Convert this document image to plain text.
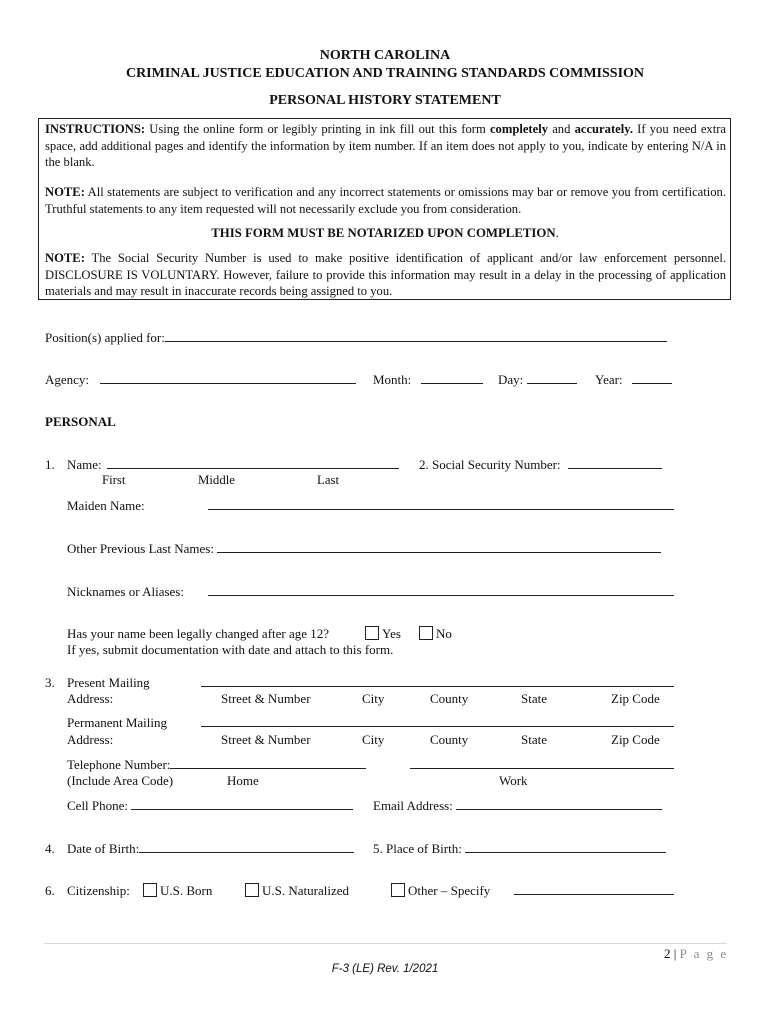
NORTH CAROLINA
CRIMINAL JUSTICE EDUCATION AND TRAINING STANDARDS COMMISSION
PERSONAL HISTORY STATEMENT
INSTRUCTIONS: Using the online form or legibly printing in ink fill out this form completely and accurately. If you need extra space, add additional pages and identify the information by item number. If an item does not apply to you, indicate by entering N/A in the blank.
NOTE: All statements are subject to verification and any incorrect statements or omissions may bar or remove you from certification. Truthful statements to any item requested will not necessarily exclude you from consideration.
THIS FORM MUST BE NOTARIZED UPON COMPLETION.
NOTE: The Social Security Number is used to make positive identification of applicant and/or law enforcement personnel. DISCLOSURE IS VOLUNTARY. However, failure to provide this information may result in a delay in the processing of application materials and may result in inaccurate records being assigned to you.
Position(s) applied for:
Agency:	Month:	Day:	Year:
PERSONAL
1. Name:
First	Middle	Last
2. Social Security Number:
Maiden Name:
Other Previous Last Names:
Nicknames or Aliases:
Has your name been legally changed after age 12?	Yes	No
If yes, submit documentation with date and attach to this form.
3. Present Mailing
Address:	Street & Number	City	County	State	Zip Code
Permanent Mailing
Address:	Street & Number	City	County	State	Zip Code
Telephone Number:
(Include Area Code)	Home	Work
Cell Phone:	Email Address:
4. Date of Birth:	5. Place of Birth:
6. Citizenship:	U.S. Born	U.S. Naturalized	Other – Specify
2 | P a g e
F-3 (LE) Rev. 1/2021
